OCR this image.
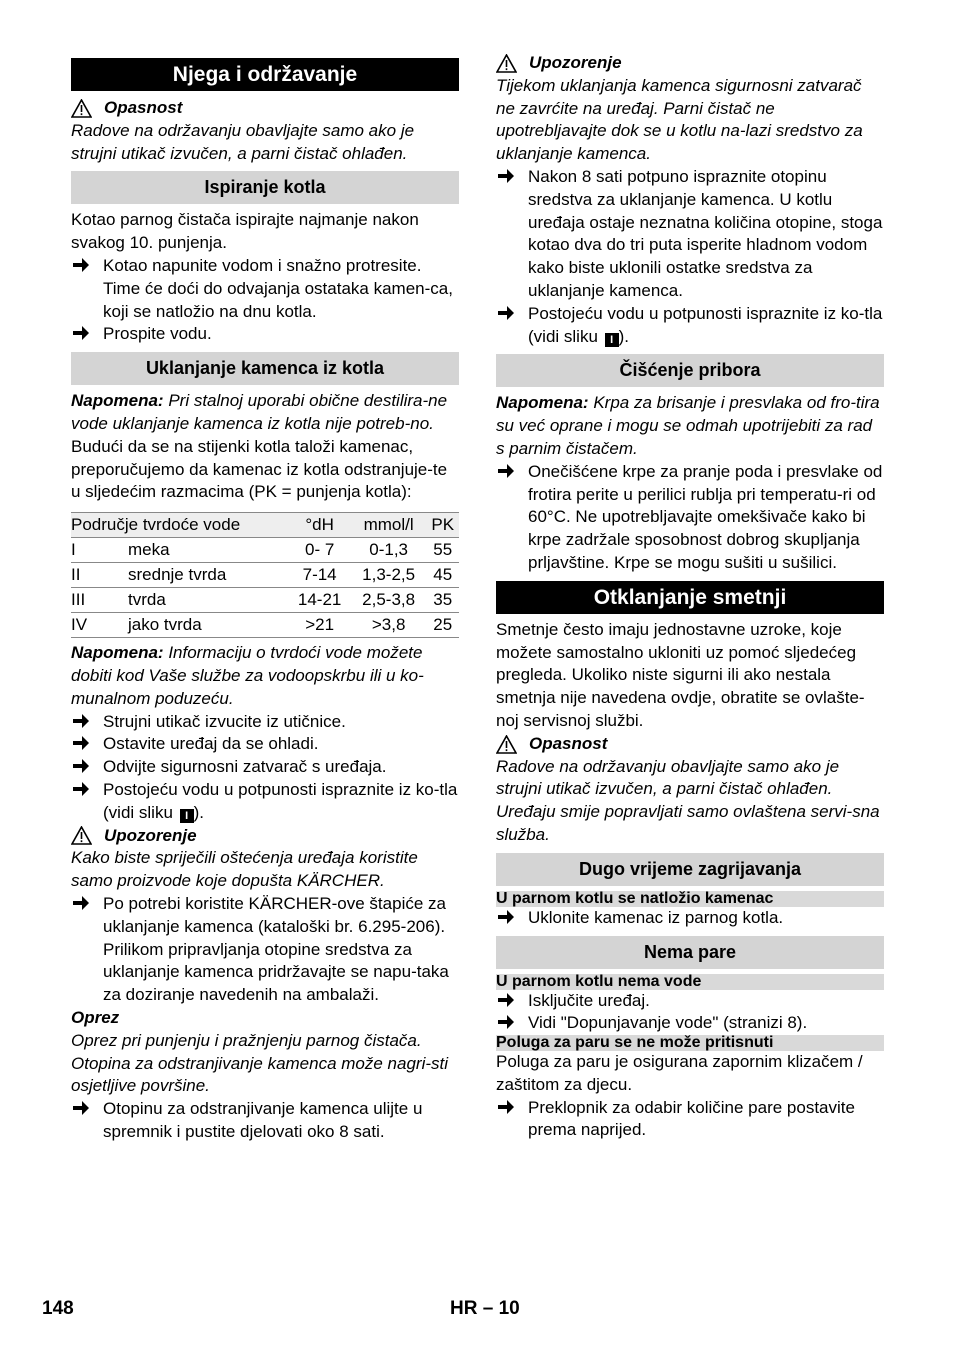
Njega i održavanje
Opasnost

Radove na održavanju obavljajte samo ako je strujni utikač izvučen, a parni čistač ohlađen.

Ispiranje kotla

Kotao parnog čistača ispirajte najmanje nakon svakog 10. punjenja.

Kotao napunite vodom i snažno protresite. Time će doći do odvajanja ostataka kamen-ca, koji se natložio na dnu kotla.
Prospite vodu.
Uklanjanje kamenca iz kotla

Napomena: Pri stalnoj uporabi obične destilira-ne vode uklanjanje kamenca iz kotla nije potreb-no.

Budući da se na stijenki kotla taloži kamenac, preporučujemo da kamenac iz kotla odstranjuje-te u sljedećim razmacima (PK = punjenja kotla):

Područje tvrdoće vode		°dH	mmol/l	PK
I	meka	0- 7	0-1,3	55
II	srednje tvrda	7-14	1,3-2,5	45
III	tvrda	14-21	2,5-3,8	35
IV	jako tvrda	>21	>3,8	25

Napomena: Informaciju o tvrdoći vode možete dobiti kod Vaše službe za vodoopskrbu ili u ko-munalnom poduzeću.

Strujni utikač izvucite iz utičnice.
Ostavite uređaj da se ohladi.
Odvijte sigurnosni zatvarač s uređaja.
Postojeću vodu u potpunosti ispraznite iz ko-tla (vidi sliku I ).
Upozorenje

Kako biste spriječili oštećenja uređaja koristite samo proizvode koje dopušta KÄRCHER.

Po potrebi koristite KÄRCHER-ove štapiće za uklanjanje kamenca (kataloški br. 6.295-206). Prilikom pripravljanja otopine sredstva za uklanjanje kamenca pridržavajte se napu-taka za doziranje navedenih na ambalaži.
Oprez

Oprez pri punjenju i pražnjenju parnog čistača. Otopina za odstranjivanje kamenca može nagri-sti osjetljive površine.

Otopinu za odstranjivanje kamenca ulijte u spremnik i pustite djelovati oko 8 sati.
Upozorenje

Tijekom uklanjanja kamenca sigurnosni zatvarač ne zavrćite na uređaj. Parni čistač ne upotrebljavajte dok se u kotlu na-lazi sredstvo za uklanjanje kamenca.

Nakon 8 sati potpuno ispraznite otopinu sredstva za uklanjanje kamenca. U kotlu uređaja ostaje neznatna količina otopine, stoga kotao dva do tri puta isperite hladnom vodom kako biste uklonili ostatke sredstva za uklanjanje kamenca.
Postojeću vodu u potpunosti ispraznite iz ko-tla (vidi sliku I ).
Čišćenje pribora

Napomena: Krpa za brisanje i presvlaka od fro-tira su već oprane i mogu se odmah upotrijebiti za rad s parnim čistačem.

Onečišćene krpe za pranje poda i presvlake od frotira perite u perilici rublja pri temperatu-ri od 60°C. Ne upotrebljavajte omekšivače kako bi krpe zadržale sposobnost dobrog skupljanja prljavštine. Krpe se mogu sušiti u sušilici.
Otklanjanje smetnji

Smetnje često imaju jednostavne uzroke, koje možete samostalno ukloniti uz pomoć sljedećeg pregleda. Ukoliko niste sigurni ili ako nestala smetnja nije navedena ovdje, obratite se ovlašte-noj servisnoj službi.

Opasnost

Radove na održavanju obavljajte samo ako je strujni utikač izvučen, a parni čistač ohlađen. Uređaju smije popravljati samo ovlaštena servi-sna služba.

Dugo vrijeme zagrijavanja
U parnom kotlu se natložio kamenac
Uklonite kamenac iz parnog kotla.
Nema pare
U parnom kotlu nema vode
Isključite uređaj.
Vidi "Dopunjavanje vode" (stranizi 8).
Poluga za paru se ne može pritisnuti

Poluga za paru je osigurana zapornim klizačem / zaštitom za djecu.

Preklopnik za odabir količine pare postavite prema naprijed.
148	HR – 10
